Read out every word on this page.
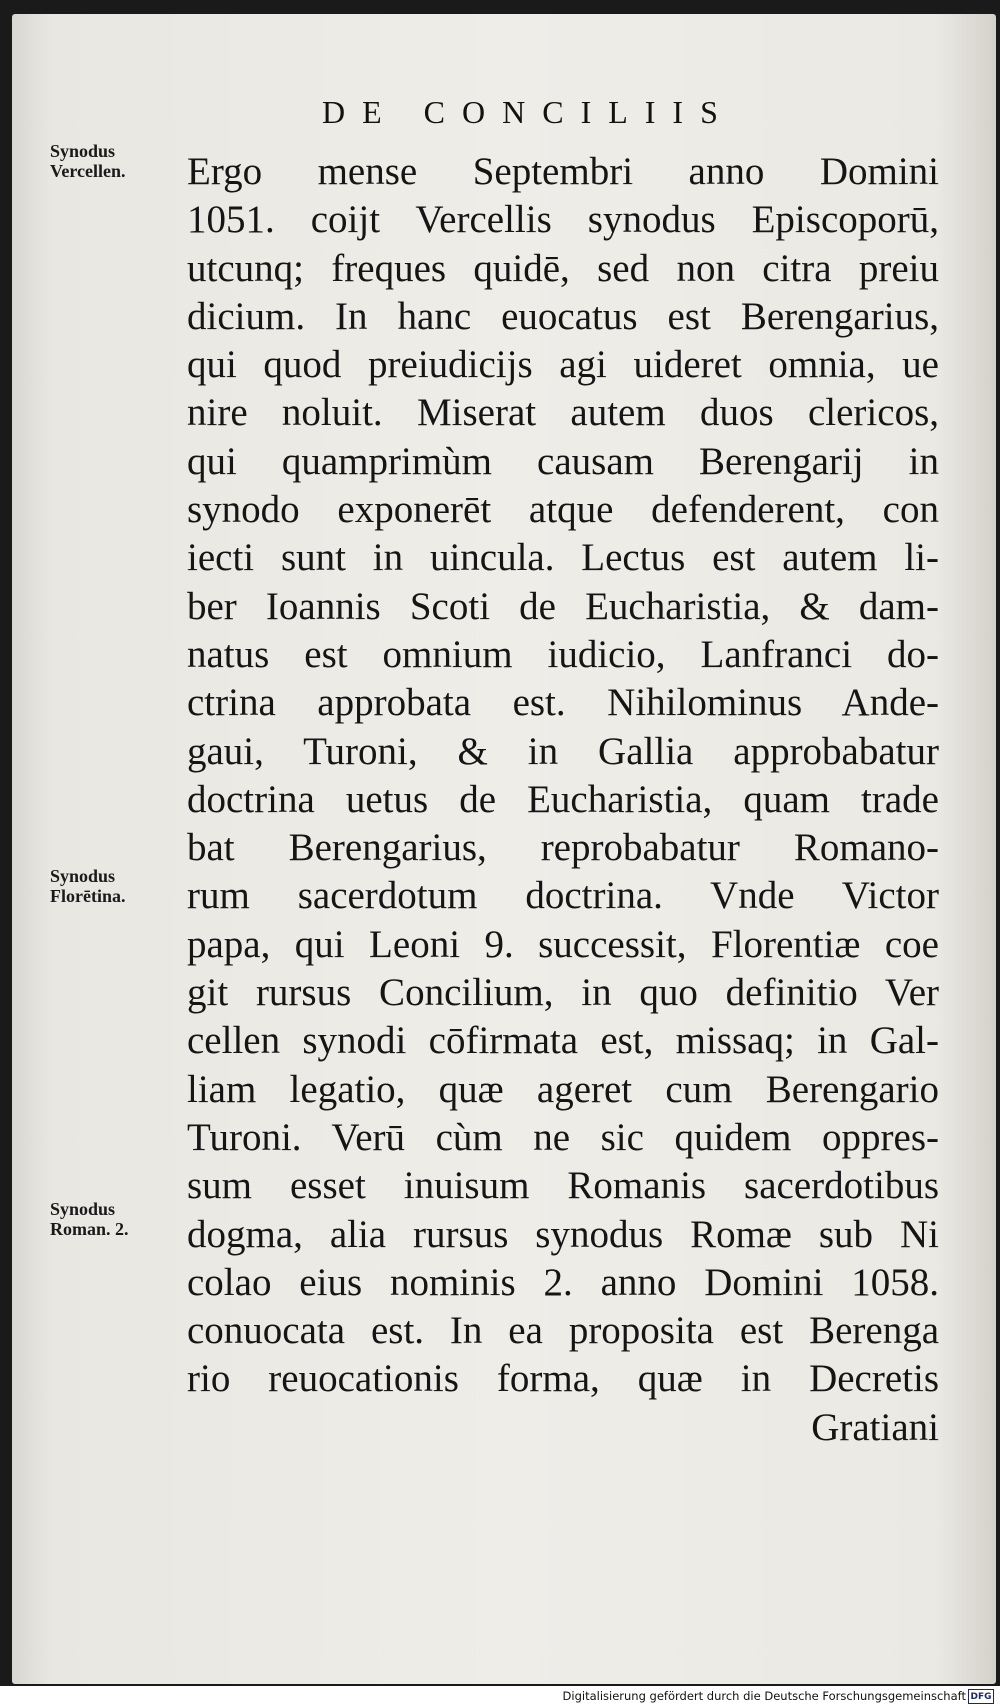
DE CONCILIIS
Synodus
Vercellen.
Synodus
Florētina.
Synodus
Roman. 2.
Ergo mense Septembri anno Domini
1051. coijt Vercellis synodus Episcoporū,
utcunq; freques quidē, sed non citra preiu
dicium. In hanc euocatus est Berengarius,
qui quod preiudicijs agi uideret omnia, ue
nire noluit. Miserat autem duos clericos,
qui quamprimùm causam Berengarij in
synodo exponerēt atque defenderent, con
iecti sunt in uincula. Lectus est autem li-
ber Ioannis Scoti de Eucharistia, & dam-
natus est omnium iudicio, Lanfranci do-
ctrina approbata est. Nihilominus Ande-
gaui, Turoni, & in Gallia approbabatur
doctrina uetus de Eucharistia, quam trade
bat Berengarius, reprobabatur Romano-
rum sacerdotum doctrina. Vnde Victor
papa, qui Leoni 9. successit, Florentiæ coe
git rursus Concilium, in quo definitio Ver
cellen synodi cōfirmata est, missaq; in Gal-
liam legatio, quæ ageret cum Berengario
Turoni. Verū cùm ne sic quidem oppres-
sum esset inuisum Romanis sacerdotibus
dogma, alia rursus synodus Romæ sub Ni
colao eius nominis 2. anno Domini 1058.
conuocata est. In ea proposita est Berenga
rio reuocationis forma, quæ in Decretis
Gratiani
Digitalisierung gefördert durch die Deutsche Forschungsgemeinschaft DFG
